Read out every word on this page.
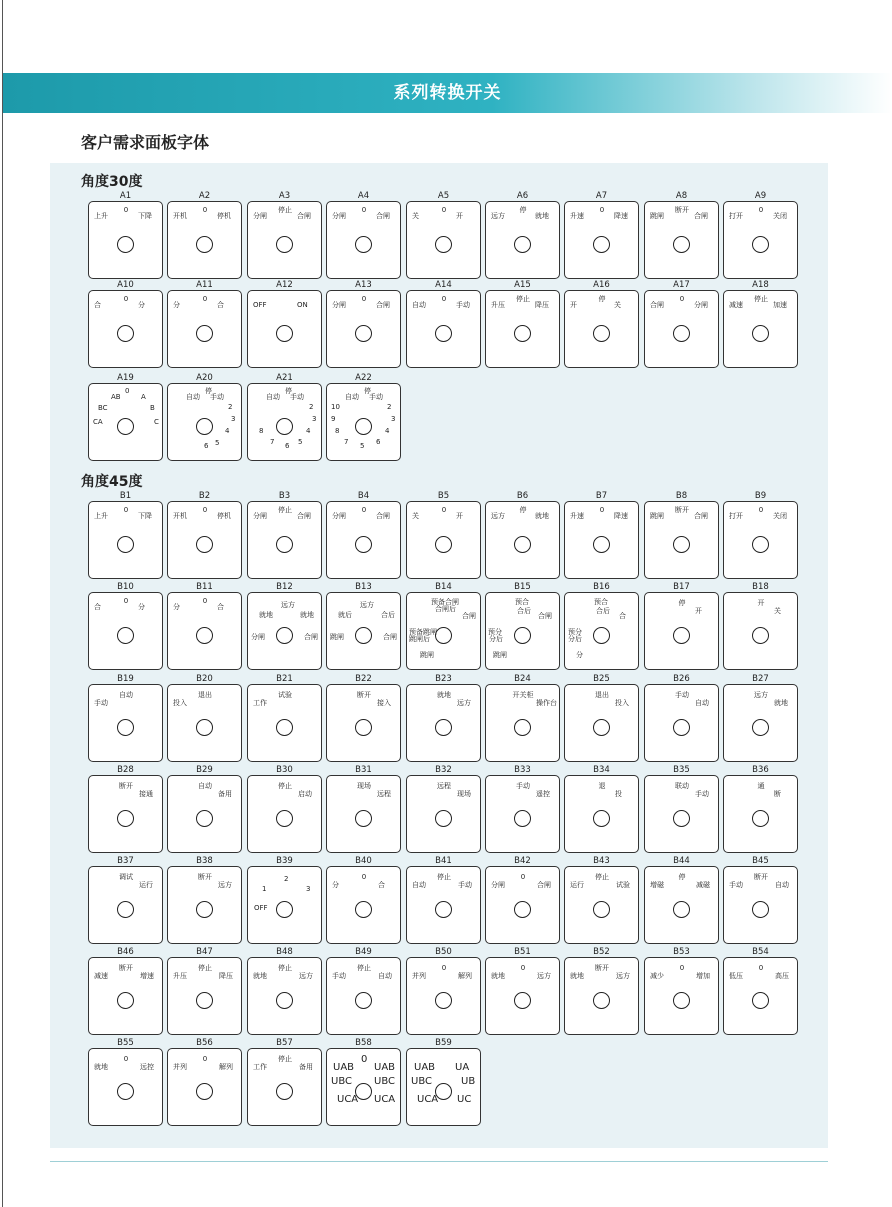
系列转换开关
客户需求面板字体
角度30度
角度45度
A1
上升
0
下降
A2
开机
0
停机
A3
分闸
停止
合闸
A4
分闸
0
合闸
A5
关
0
开
A6
远方
停
就地
A7
升速
0
降速
A8
跳闸
断开
合闸
A9
打开
0
关闭
A10
合
0
分
A11
分
0
合
A12
OFF	ON
A13
分闸
0
合闸
A14
自动
0
手动
A15
升压
停止
降压
A16
开
停
关
A17
合闸
0
分闸
A18
减速
停止
加速
A19
AB
0
A
BC	B
CA	C
A20
自动
停
手动
2
3
4
5
6
A21
自动
停
手动
2
3
4
5
6
7
8
A22
自动
停
手动
10	2
9	3
8	4
7	6
5
B1
上升
0
下降
B2
开机
0
停机
B3
分闸
停止
合闸
B4
分闸
0
合闸
B5
关
0
开
B6
远方
停
就地
B7
升速
0
降速
B8
跳闸
断开
合闸
B9
打开
0
关闭
B10
合
0
分
B11
分
0
合
B12
远方
就地	就地
分闸	合闸
B13
远方
就后	合后
跳闸	合闸
B14
预备合闸
合闸后
合闸
预备跳闸
跳闸后
跳闸
B15
预合
合后
合闸
预分
分后
跳闸
B16
预合
合后
合
预分
分后
分
B17
停
开
B18
开
关
B19
自动
手动
B20
退出
投入
B21
试验
工作
B22
断开
接入
B23
就地
远方
B24
开关柜
操作台
B25
退出
投入
B26
手动
自动
B27
远方
就地
B28
断开
接通
B29
自动
备用
B30
停止
启动
B31
现场
远程
B32
远程
现场
B33
手动
遥控
B34
退
投
B35
联动
手动
B36
通
断
B37
调试
运行
B38
断开
远方
B39
2
1	3
OFF
B40
0
分	合
B41
停止
自动	手动
B42
0
分闸	合闸
B43
停止
运行	试验
B44
停
增磁	减磁
B45
断开
手动	自动
B46
断开
减速	增速
B47
停止
升压	降压
B48
停止
就地	远方
B49
停止
手动	自动
B50
0
并列	解列
B51
0
就地	远方
B52
断开
就地	远方
B53
0
减少	增加
B54
0
低压	高压
B55
0
就地	远控
B56
0
并列	解列
B57
停止
工作	备用
B58
UAB
0
UAB
UBC UBC
UCA UCA
B59
UAB UA
UBC	UB
UCA UC
